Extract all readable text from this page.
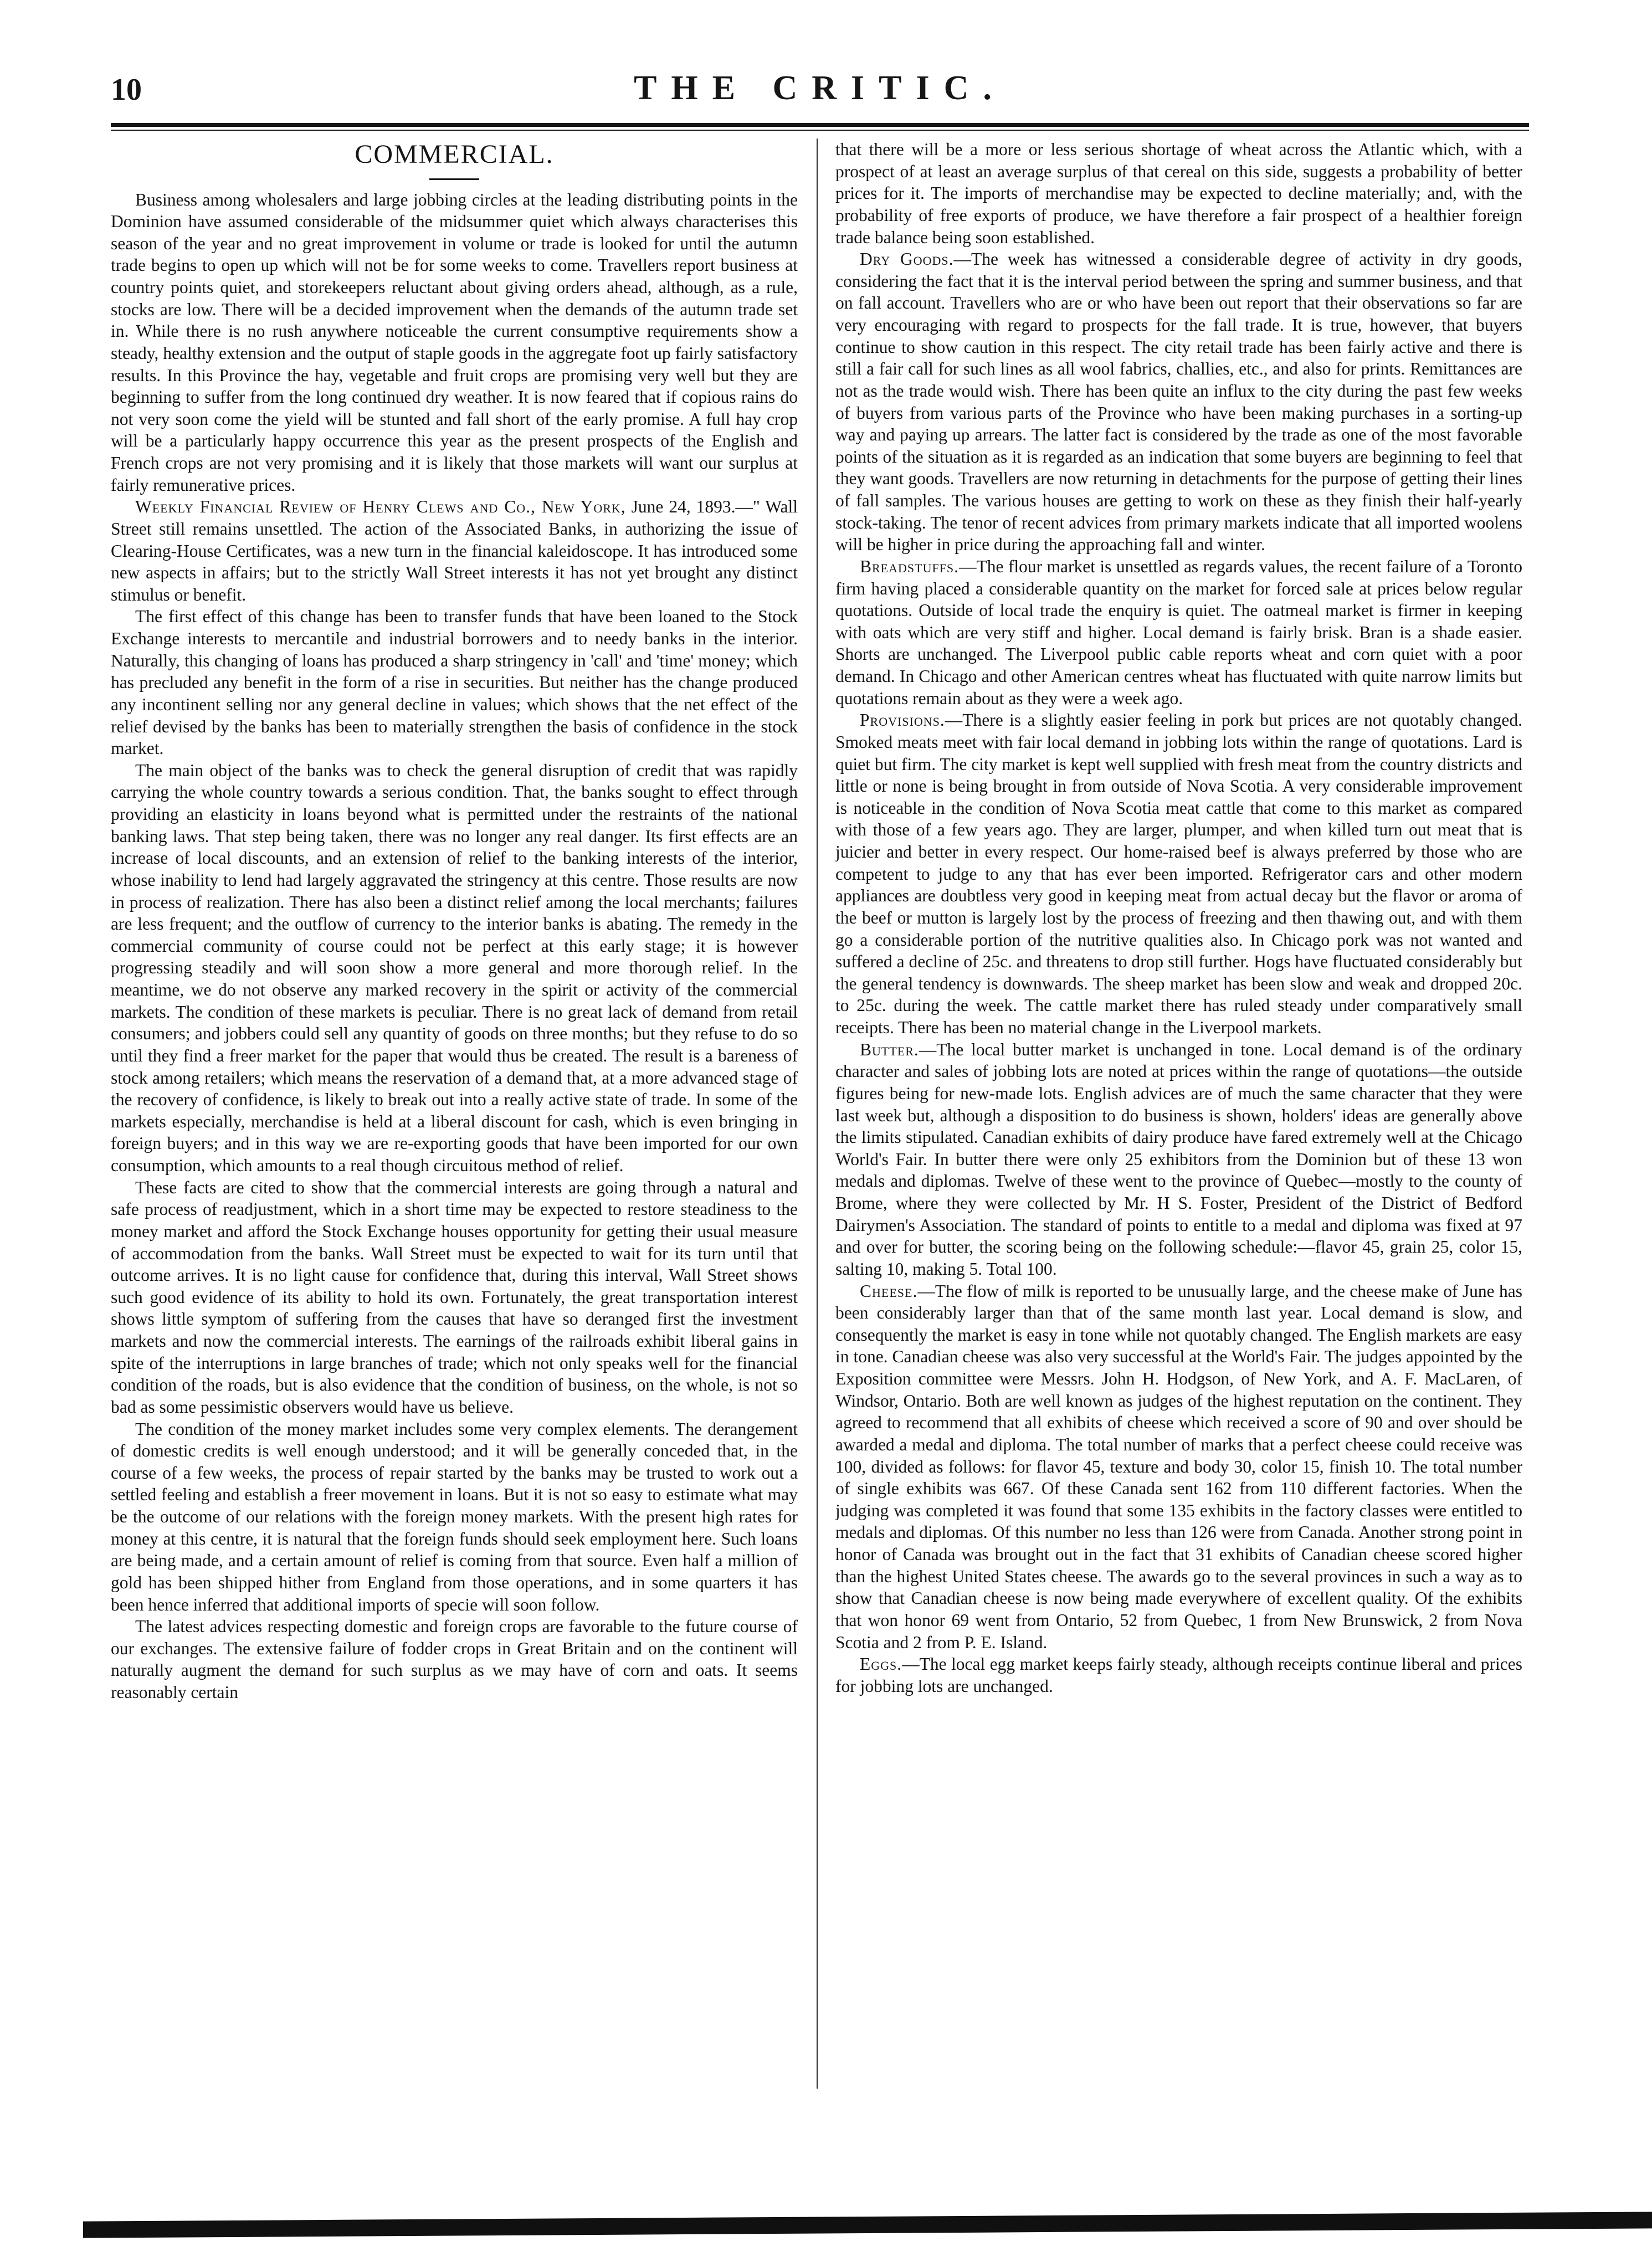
10	THE CRITIC.
COMMERCIAL.

Business among wholesalers and large jobbing circles at the leading distributing points in the Dominion have assumed considerable of the midsummer quiet which always characterises this season of the year and no great improvement in volume or trade is looked for until the autumn trade begins to open up which will not be for some weeks to come. Travellers report business at country points quiet, and storekeepers reluctant about giving orders ahead, although, as a rule, stocks are low. There will be a decided improvement when the demands of the autumn trade set in. While there is no rush anywhere noticeable the current consumptive requirements show a steady, healthy extension and the output of staple goods in the aggregate foot up fairly satisfactory results. In this Province the hay, vegetable and fruit crops are promising very well but they are beginning to suffer from the long continued dry weather. It is now feared that if copious rains do not very soon come the yield will be stunted and fall short of the early promise. A full hay crop will be a particularly happy occurrence this year as the present prospects of the English and French crops are not very promising and it is likely that those markets will want our surplus at fairly remunerative prices.

Weekly Financial Review of Henry Clews and Co., New York, June 24, 1893.—" Wall Street still remains unsettled. The action of the Associated Banks, in authorizing the issue of Clearing-House Certificates, was a new turn in the financial kaleidoscope. It has introduced some new aspects in affairs; but to the strictly Wall Street interests it has not yet brought any distinct stimulus or benefit.

The first effect of this change has been to transfer funds that have been loaned to the Stock Exchange interests to mercantile and industrial borrowers and to needy banks in the interior. Naturally, this changing of loans has produced a sharp stringency in 'call' and 'time' money; which has precluded any benefit in the form of a rise in securities. But neither has the change produced any incontinent selling nor any general decline in values; which shows that the net effect of the relief devised by the banks has been to materially strengthen the basis of confidence in the stock market.

The main object of the banks was to check the general disruption of credit that was rapidly carrying the whole country towards a serious condition. That, the banks sought to effect through providing an elasticity in loans beyond what is permitted under the restraints of the national banking laws. That step being taken, there was no longer any real danger. Its first effects are an increase of local discounts, and an extension of relief to the banking interests of the interior, whose inability to lend had largely aggravated the stringency at this centre. Those results are now in process of realization. There has also been a distinct relief among the local merchants; failures are less frequent; and the outflow of currency to the interior banks is abating. The remedy in the commercial community of course could not be perfect at this early stage; it is however progressing steadily and will soon show a more general and more thorough relief. In the meantime, we do not observe any marked recovery in the spirit or activity of the commercial markets. The condition of these markets is peculiar. There is no great lack of demand from retail consumers; and jobbers could sell any quantity of goods on three months; but they refuse to do so until they find a freer market for the paper that would thus be created. The result is a bareness of stock among retailers; which means the reservation of a demand that, at a more advanced stage of the recovery of confidence, is likely to break out into a really active state of trade. In some of the markets especially, merchandise is held at a liberal discount for cash, which is even bringing in foreign buyers; and in this way we are re-exporting goods that have been imported for our own consumption, which amounts to a real though circuitous method of relief.

These facts are cited to show that the commercial interests are going through a natural and safe process of readjustment, which in a short time may be expected to restore steadiness to the money market and afford the Stock Exchange houses opportunity for getting their usual measure of accommodation from the banks. Wall Street must be expected to wait for its turn until that outcome arrives. It is no light cause for confidence that, during this interval, Wall Street shows such good evidence of its ability to hold its own. Fortunately, the great transportation interest shows little symptom of suffering from the causes that have so deranged first the investment markets and now the commercial interests. The earnings of the railroads exhibit liberal gains in spite of the interruptions in large branches of trade; which not only speaks well for the financial condition of the roads, but is also evidence that the condition of business, on the whole, is not so bad as some pessimistic observers would have us believe.

The condition of the money market includes some very complex elements. The derangement of domestic credits is well enough understood; and it will be generally conceded that, in the course of a few weeks, the process of repair started by the banks may be trusted to work out a settled feeling and establish a freer movement in loans. But it is not so easy to estimate what may be the outcome of our relations with the foreign money markets. With the present high rates for money at this centre, it is natural that the foreign funds should seek employment here. Such loans are being made, and a certain amount of relief is coming from that source. Even half a million of gold has been shipped hither from England from those operations, and in some quarters it has been hence inferred that additional imports of specie will soon follow.

The latest advices respecting domestic and foreign crops are favorable to the future course of our exchanges. The extensive failure of fodder crops in Great Britain and on the continent will naturally augment the demand for such surplus as we may have of corn and oats. It seems reasonably certain

that there will be a more or less serious shortage of wheat across the Atlantic which, with a prospect of at least an average surplus of that cereal on this side, suggests a probability of better prices for it. The imports of merchandise may be expected to decline materially; and, with the probability of free exports of produce, we have therefore a fair prospect of a healthier foreign trade balance being soon established.

Dry Goods.—The week has witnessed a considerable degree of activity in dry goods, considering the fact that it is the interval period between the spring and summer business, and that on fall account. Travellers who are or who have been out report that their observations so far are very encouraging with regard to prospects for the fall trade. It is true, however, that buyers continue to show caution in this respect. The city retail trade has been fairly active and there is still a fair call for such lines as all wool fabrics, challies, etc., and also for prints. Remittances are not as the trade would wish. There has been quite an influx to the city during the past few weeks of buyers from various parts of the Province who have been making purchases in a sorting-up way and paying up arrears. The latter fact is considered by the trade as one of the most favorable points of the situation as it is regarded as an indication that some buyers are beginning to feel that they want goods. Travellers are now returning in detachments for the purpose of getting their lines of fall samples. The various houses are getting to work on these as they finish their half-yearly stock-taking. The tenor of recent advices from primary markets indicate that all imported woolens will be higher in price during the approaching fall and winter.

Breadstuffs.—The flour market is unsettled as regards values, the recent failure of a Toronto firm having placed a considerable quantity on the market for forced sale at prices below regular quotations. Outside of local trade the enquiry is quiet. The oatmeal market is firmer in keeping with oats which are very stiff and higher. Local demand is fairly brisk. Bran is a shade easier. Shorts are unchanged. The Liverpool public cable reports wheat and corn quiet with a poor demand. In Chicago and other American centres wheat has fluctuated with quite narrow limits but quotations remain about as they were a week ago.

Provisions.—There is a slightly easier feeling in pork but prices are not quotably changed. Smoked meats meet with fair local demand in jobbing lots within the range of quotations. Lard is quiet but firm. The city market is kept well supplied with fresh meat from the country districts and little or none is being brought in from outside of Nova Scotia. A very considerable improvement is noticeable in the condition of Nova Scotia meat cattle that come to this market as compared with those of a few years ago. They are larger, plumper, and when killed turn out meat that is juicier and better in every respect. Our home-raised beef is always preferred by those who are competent to judge to any that has ever been imported. Refrigerator cars and other modern appliances are doubtless very good in keeping meat from actual decay but the flavor or aroma of the beef or mutton is largely lost by the process of freezing and then thawing out, and with them go a considerable portion of the nutritive qualities also. In Chicago pork was not wanted and suffered a decline of 25c. and threatens to drop still further. Hogs have fluctuated considerably but the general tendency is downwards. The sheep market has been slow and weak and dropped 20c. to 25c. during the week. The cattle market there has ruled steady under comparatively small receipts. There has been no material change in the Liverpool markets.

Butter.—The local butter market is unchanged in tone. Local demand is of the ordinary character and sales of jobbing lots are noted at prices within the range of quotations—the outside figures being for new-made lots. English advices are of much the same character that they were last week but, although a disposition to do business is shown, holders' ideas are generally above the limits stipulated. Canadian exhibits of dairy produce have fared extremely well at the Chicago World's Fair. In butter there were only 25 exhibitors from the Dominion but of these 13 won medals and diplomas. Twelve of these went to the province of Quebec—mostly to the county of Brome, where they were collected by Mr. H S. Foster, President of the District of Bedford Dairymen's Association. The standard of points to entitle to a medal and diploma was fixed at 97 and over for butter, the scoring being on the following schedule:—flavor 45, grain 25, color 15, salting 10, making 5. Total 100.

Cheese.—The flow of milk is reported to be unusually large, and the cheese make of June has been considerably larger than that of the same month last year. Local demand is slow, and consequently the market is easy in tone while not quotably changed. The English markets are easy in tone. Canadian cheese was also very successful at the World's Fair. The judges appointed by the Exposition committee were Messrs. John H. Hodgson, of New York, and A. F. MacLaren, of Windsor, Ontario. Both are well known as judges of the highest reputation on the continent. They agreed to recommend that all exhibits of cheese which received a score of 90 and over should be awarded a medal and diploma. The total number of marks that a perfect cheese could receive was 100, divided as follows: for flavor 45, texture and body 30, color 15, finish 10. The total number of single exhibits was 667. Of these Canada sent 162 from 110 different factories. When the judging was completed it was found that some 135 exhibits in the factory classes were entitled to medals and diplomas. Of this number no less than 126 were from Canada. Another strong point in honor of Canada was brought out in the fact that 31 exhibits of Canadian cheese scored higher than the highest United States cheese. The awards go to the several provinces in such a way as to show that Canadian cheese is now being made everywhere of excellent quality. Of the exhibits that won honor 69 went from Ontario, 52 from Quebec, 1 from New Brunswick, 2 from Nova Scotia and 2 from P. E. Island.

Eggs.—The local egg market keeps fairly steady, although receipts continue liberal and prices for jobbing lots are unchanged.
